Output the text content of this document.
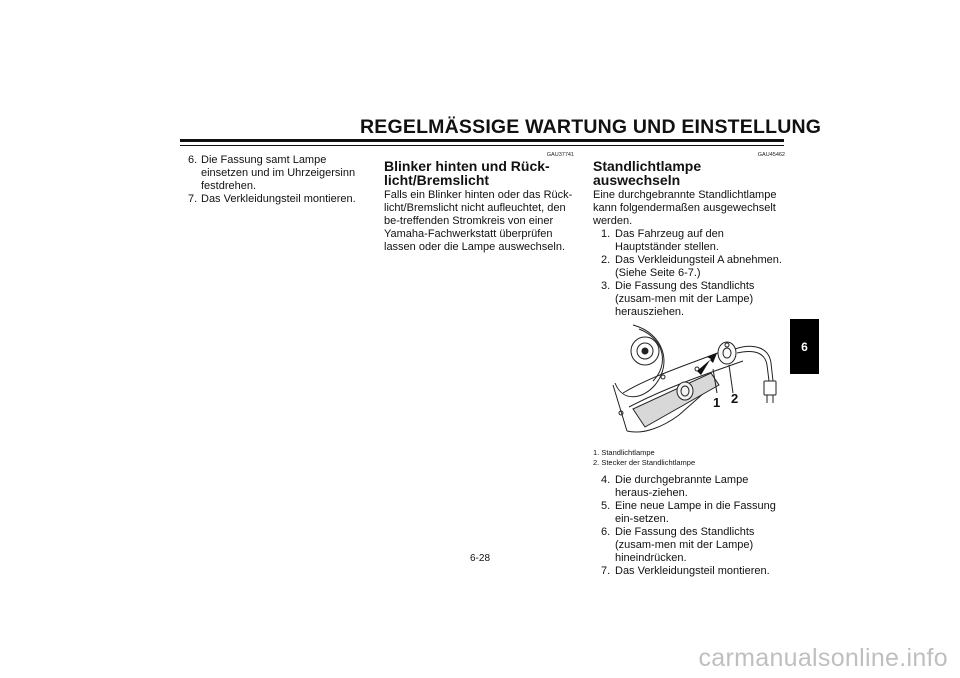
REGELMÄSSIGE WARTUNG UND EINSTELLUNG
6. Die Fassung samt Lampe einsetzen und im Uhrzeigersinn festdrehen.
7. Das Verkleidungsteil montieren.
GAU37741
Blinker hinten und Rück-licht/Bremslicht

Falls ein Blinker hinten oder das Rück-licht/Bremslicht nicht aufleuchtet, den be-treffenden Stromkreis von einer Yamaha-Fachwerkstatt überprüfen lassen oder die Lampe auswechseln.

GAU45462
Standlichtlampe auswechseln

Eine durchgebrannte Standlichtlampe kann folgendermaßen ausgewechselt werden.

1. Das Fahrzeug auf den Hauptständer stellen.
2. Das Verkleidungsteil A abnehmen. (Siehe Seite 6-7.)
3. Die Fassung des Standlichts (zusam-men mit der Lampe) herausziehen.
1 2
1. Standlichtlampe
2. Stecker der Standlichtlampe
4. Die durchgebrannte Lampe heraus-ziehen.
5. Eine neue Lampe in die Fassung ein-setzen.
6. Die Fassung des Standlichts (zusam-men mit der Lampe) hineindrücken.
7. Das Verkleidungsteil montieren.
6
6-28
carmanualsonline.info
